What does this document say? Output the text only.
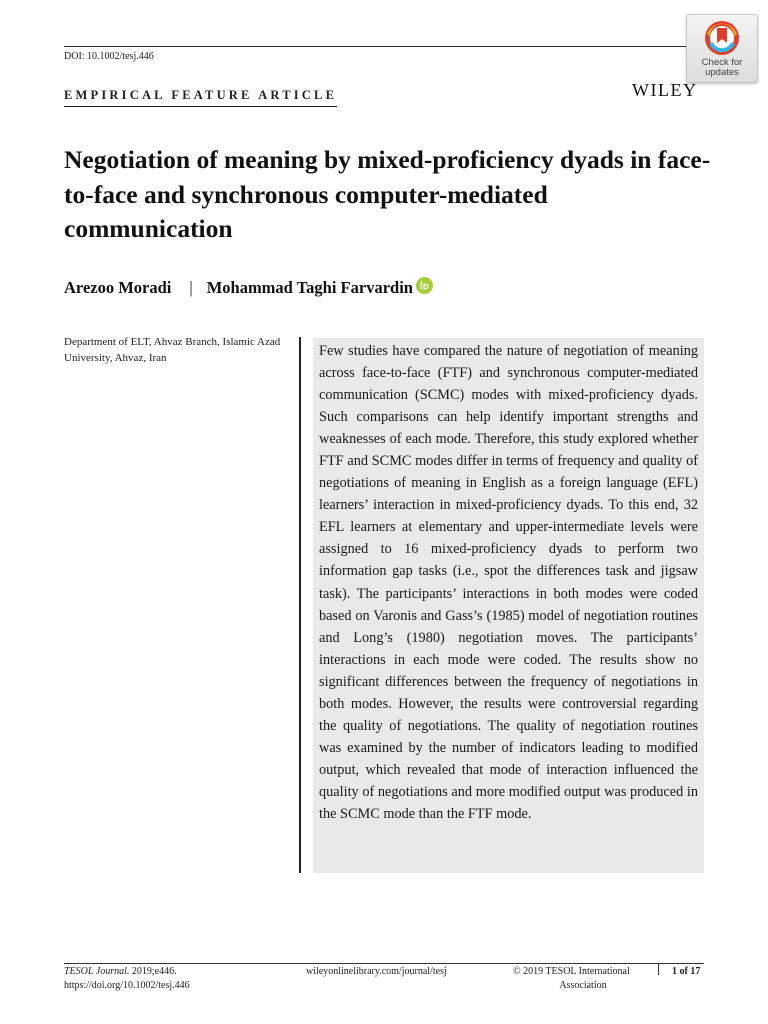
DOI: 10.1002/tesj.446
Check for
updates
EMPIRICAL FEATURE ARTICLE	WILEY
Negotiation of meaning by mixed-proficiency dyads in face-to-face and synchronous computer-mediated communication
Arezoo Moradi | Mohammad Taghi Farvardin
Department of ELT, Ahvaz Branch, Islamic Azad University, Ahvaz, Iran	Few studies have compared the nature of negotiation of meaning across face-to-face (FTF) and synchronous computer-mediated communication (SCMC) modes with mixed-proficiency dyads. Such comparisons can help identify important strengths and weaknesses of each mode. Therefore, this study explored whether FTF and SCMC modes differ in terms of frequency and quality of negotiations of meaning in English as a foreign language (EFL) learners’ interaction in mixed-proficiency dyads. To this end, 32 EFL learners at elementary and upper-intermediate levels were assigned to 16 mixed-proficiency dyads to perform two information gap tasks (i.e., spot the differences task and jigsaw task). The participants’ interactions in both modes were coded based on Varonis and Gass’s (1985) model of negotiation routines and Long’s (1980) negotiation moves. The participants’ interactions in each mode were coded. The results show no significant differences between the frequency of negotiations in both modes. However, the results were controversial regarding the quality of negotiations. The quality of negotiation routines was examined by the number of indicators leading to modified output, which revealed that mode of interaction influenced the quality of negotiations and more modified output was produced in the SCMC mode than the FTF mode.

TESOL Journal. 2019;e446.
https://doi.org/10.1002/tesj.446
wileyonlinelibrary.com/journal/tesj	© 2019 TESOL International
Association
1 of 17
